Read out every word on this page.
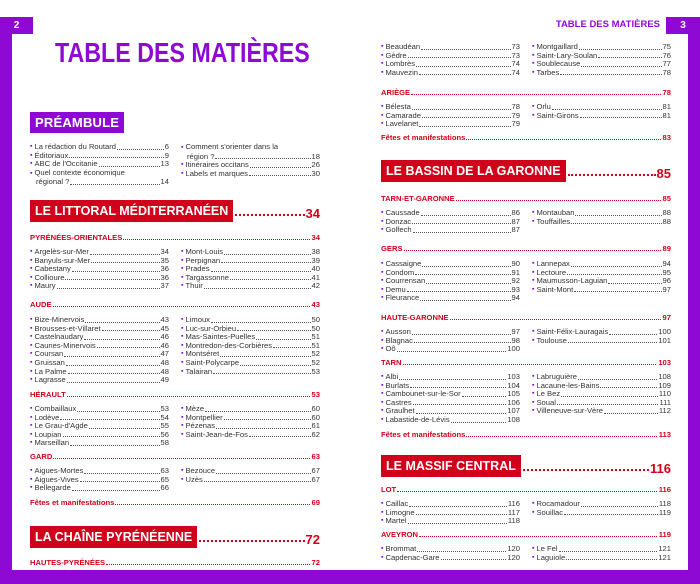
2	3
TABLE DES MATIÈRES
TABLE DES MATIÈRES
PRÉAMBULE
▪ La rédaction du Routard	6
▪ Éditoriaux	9
▪ ABC de l'Occitanie	13
▪ Quel contexte économique
régional ?	14
▪ Comment s'orienter dans la
région ?	18
▪ Itinéraires occitans	26
▪ Labels et marques	30
LE LITTORAL MÉDITERRANÉEN	34
PYRÉNÉES-ORIENTALES	34
▪ Argelès-sur-Mer	34
▪ Banyuls-sur-Mer	35
▪ Cabestany	36
▪ Collioure	36
▪ Maury	37
▪ Mont-Louis	38
▪ Perpignan	39
▪ Prades	40
▪ Targassonne	41
▪ Thuir	42
AUDE	43
▪ Bize-Minervois	43
▪ Brousses-et-Villaret	45
▪ Castelnaudary	46
▪ Caunes-Minervois	46
▪ Coursan	47
▪ Gruissan	48
▪ La Palme	48
▪ Lagrasse	49
▪ Limoux	50
▪ Luc-sur-Orbieu	50
▪ Mas-Saintes-Puelles	51
▪ Montredon-des-Corbières	51
▪ Montséret	52
▪ Saint-Polycarpe	52
▪ Talairan	53
HÉRAULT	53
▪ Combaillaux	53
▪ Lodève	54
▪ Le Grau-d'Agde	55
▪ Loupian	56
▪ Marseillan	58
▪ Mèze	60
▪ Montpellier	60
▪ Pézenas	61
▪ Saint-Jean-de-Fos	62
GARD	63
▪ Aigues-Mortes	63
▪ Aigues-Vives	65
▪ Bellegarde	66
▪ Bezouce	67
▪ Uzès	67
Fêtes et manifestations	69
LA CHAÎNE PYRÉNÉENNE	72
HAUTES-PYRÉNÉES	72
▪ Beaudéan	73
▪ Gèdre	73
▪ Lombrès	74
▪ Mauvezin	74
▪ Montgaillard	75
▪ Saint-Lary-Soulan	76
▪ Soublecause	77
▪ Tarbes	78
ARIÈGE	78
▪ Bélesta	78
▪ Camarade	79
▪ Lavelanet	79
▪ Orlu	81
▪ Saint-Girons	81
Fêtes et manifestations	83
LE BASSIN DE LA GARONNE	85
TARN-ET-GARONNE	85
▪ Caussade	86
▪ Donzac	87
▪ Golfech	87
▪ Montauban	88
▪ Touffailles	88
GERS	89
▪ Cassaigne	90
▪ Condom	91
▪ Courrensan	92
▪ Demu	93
▪ Fleurance	94
▪ Lannepax	94
▪ Lectoure	95
▪ Maumusson-Laguian	96
▪ Saint-Mont	97
HAUTE-GARONNE	97
▪ Ausson	97
▪ Blagnac	98
▪ Oô	100
▪ Saint-Félix-Lauragais	100
▪ Toulouse	101
TARN	103
▪ Albi	103
▪ Burlats	104
▪ Cambounet-sur-le-Sor	105
▪ Castres	106
▪ Graulhet	107
▪ Labastide-de-Lévis	108
▪ Labruguière	108
▪ Lacaune-les-Bains	109
▪ Le Bez	110
▪ Soual	111
▪ Villeneuve-sur-Vère	112
Fêtes et manifestations	113
LE MASSIF CENTRAL	116
LOT	116
▪ Caillac	116
▪ Limogne	117
▪ Martel	118
▪ Rocamadour	118
▪ Souillac	119
AVEYRON	119
▪ Brommat	120
▪ Capdenac-Gare	120
▪ Le Fel	121
▪ Laguiole	121
